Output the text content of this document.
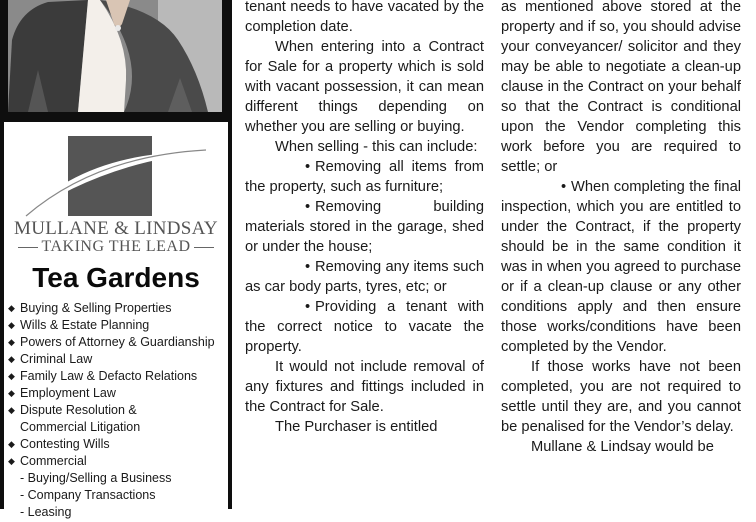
MULLANE & LINDSAY
TAKING THE LEAD
Tea Gardens
◆ Buying & Selling Properties
◆ Wills & Estate Planning
◆ Powers of Attorney & Guardianship
◆ Criminal Law
◆ Family Law & Defacto Relations
◆ Employment Law
◆ Dispute Resolution &
Commercial Litigation
◆ Contesting Wills
◆ Commercial
- Buying/Selling a Business
- Company Transactions
- Leasing

tenant needs to have vacated by the completion date.

When entering into a Contract for Sale for a property which is sold with vacant possession, it can mean different things depending on whether you are selling or buying.

When selling - this can include:

• Removing all items from the property, such as furniture;

• Removing building materials stored in the garage, shed or under the house;

• Removing any items such as car body parts, tyres, etc; or

• Providing a tenant with the correct notice to vacate the property.

It would not include removal of any fixtures and fittings included in the Contract for Sale.

The Purchaser is entitled

as mentioned above stored at the property and if so, you should advise your conveyancer/ solicitor and they may be able to negotiate a clean-up clause in the Contract on your behalf so that the Contract is conditional upon the Vendor completing this work before you are required to settle; or

• When completing the final inspection, which you are entitled to under the Contract, if the property should be in the same condition it was in when you agreed to purchase or if a clean-up clause or any other conditions apply and then ensure those works/conditions have been completed by the Vendor.

If those works have not been completed, you are not required to settle until they are, and you cannot be penalised for the Vendor’s delay.

Mullane & Lindsay would be
